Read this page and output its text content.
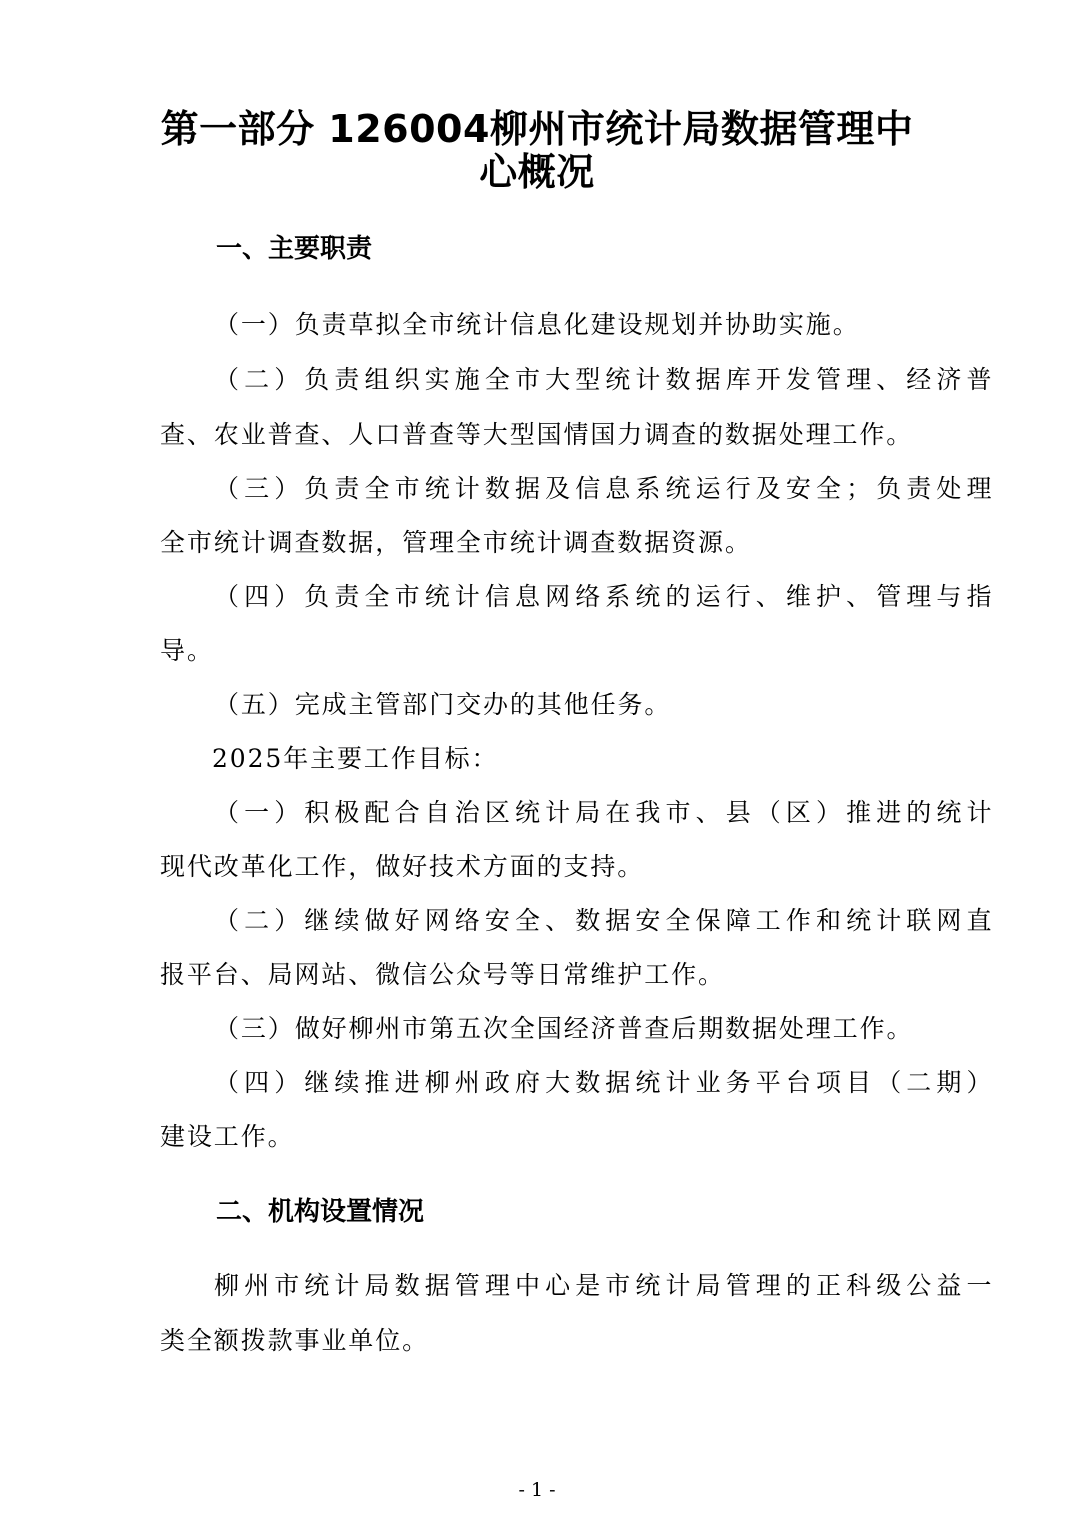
第一部分 126004柳州市统计局数据管理中
心概况
一、主要职责
（一）负责草拟全市统计信息化建设规划并协助实施。
（二）负责组织实施全市大型统计数据库开发管理、经济普
查、农业普查、人口普查等大型国情国力调查的数据处理工作。
（三）负责全市统计数据及信息系统运行及安全；负责处理
全市统计调查数据，管理全市统计调查数据资源。
（四）负责全市统计信息网络系统的运行、维护、管理与指
导。
（五）完成主管部门交办的其他任务。
2025年主要工作目标：
（一）积极配合自治区统计局在我市、县（区）推进的统计
现代改革化工作，做好技术方面的支持。
（二）继续做好网络安全、数据安全保障工作和统计联网直
报平台、局网站、微信公众号等日常维护工作。
（三）做好柳州市第五次全国经济普查后期数据处理工作。
（四）继续推进柳州政府大数据统计业务平台项目（二期）
建设工作。
二、机构设置情况
柳州市统计局数据管理中心是市统计局管理的正科级公益一
类全额拨款事业单位。
- 1 -
